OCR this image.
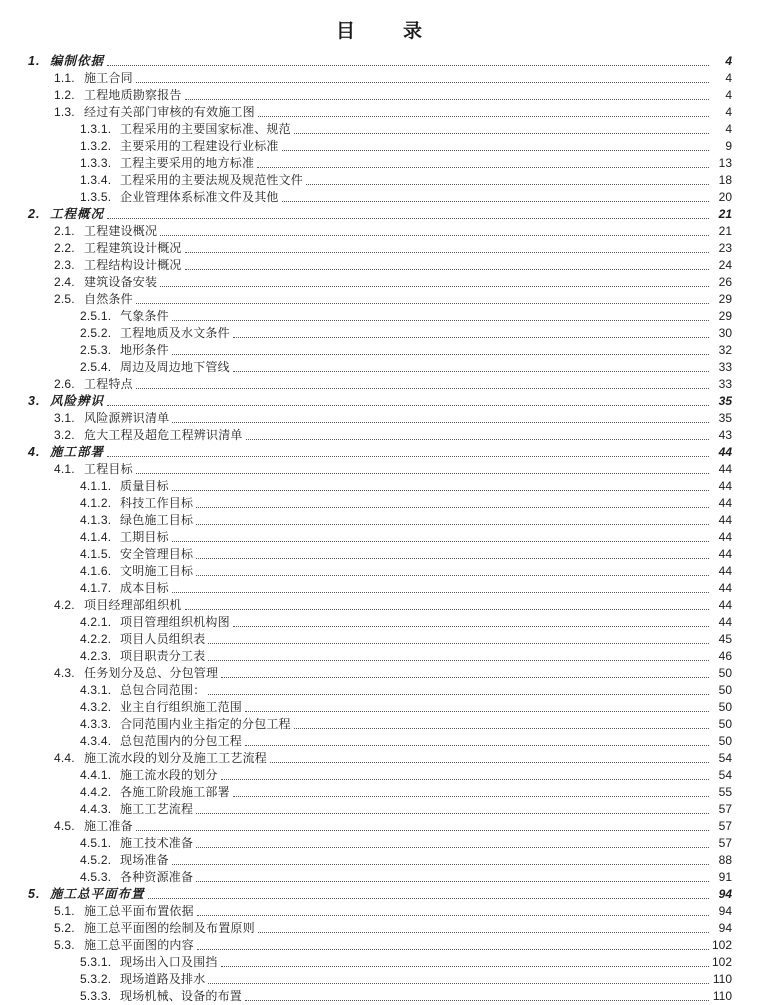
目 录
1. 编制依据	4
1.1. 施工合同	4
1.2. 工程地质勘察报告	4
1.3. 经过有关部门审核的有效施工图	4
1.3.1. 工程采用的主要国家标准、规范	4
1.3.2. 主要采用的工程建设行业标准	9
1.3.3. 工程主要采用的地方标准	13
1.3.4. 工程采用的主要法规及规范性文件	18
1.3.5. 企业管理体系标准文件及其他	20
2. 工程概况	21
2.1. 工程建设概况	21
2.2. 工程建筑设计概况	23
2.3. 工程结构设计概况	24
2.4. 建筑设备安装	26
2.5. 自然条件	29
2.5.1. 气象条件	29
2.5.2. 工程地质及水文条件	30
2.5.3. 地形条件	32
2.5.4. 周边及周边地下管线	33
2.6. 工程特点	33
3. 风险辨识	35
3.1. 风险源辨识清单	35
3.2. 危大工程及超危工程辨识清单	43
4. 施工部署	44
4.1. 工程目标	44
4.1.1. 质量目标	44
4.1.2. 科技工作目标	44
4.1.3. 绿色施工目标	44
4.1.4. 工期目标	44
4.1.5. 安全管理目标	44
4.1.6. 文明施工目标	44
4.1.7. 成本目标	44
4.2. 项目经理部组织机	44
4.2.1. 项目管理组织机构图	44
4.2.2. 项目人员组织表	45
4.2.3. 项目职责分工表	46
4.3. 任务划分及总、分包管理	50
4.3.1. 总包合同范围：	50
4.3.2. 业主自行组织施工范围	50
4.3.3. 合同范围内业主指定的分包工程	50
4.3.4. 总包范围内的分包工程	50
4.4. 施工流水段的划分及施工工艺流程	54
4.4.1. 施工流水段的划分	54
4.4.2. 各施工阶段施工部署	55
4.4.3. 施工工艺流程	57
4.5. 施工准备	57
4.5.1. 施工技术准备	57
4.5.2. 现场准备	88
4.5.3. 各种资源准备	91
5. 施工总平面布置	94
5.1. 施工总平面布置依据	94
5.2. 施工总平面图的绘制及布置原则	94
5.3. 施工总平面图的内容	102
5.3.1. 现场出入口及围挡	102
5.3.2. 现场道路及排水	110
5.3.3. 现场机械、设备的布置	110
